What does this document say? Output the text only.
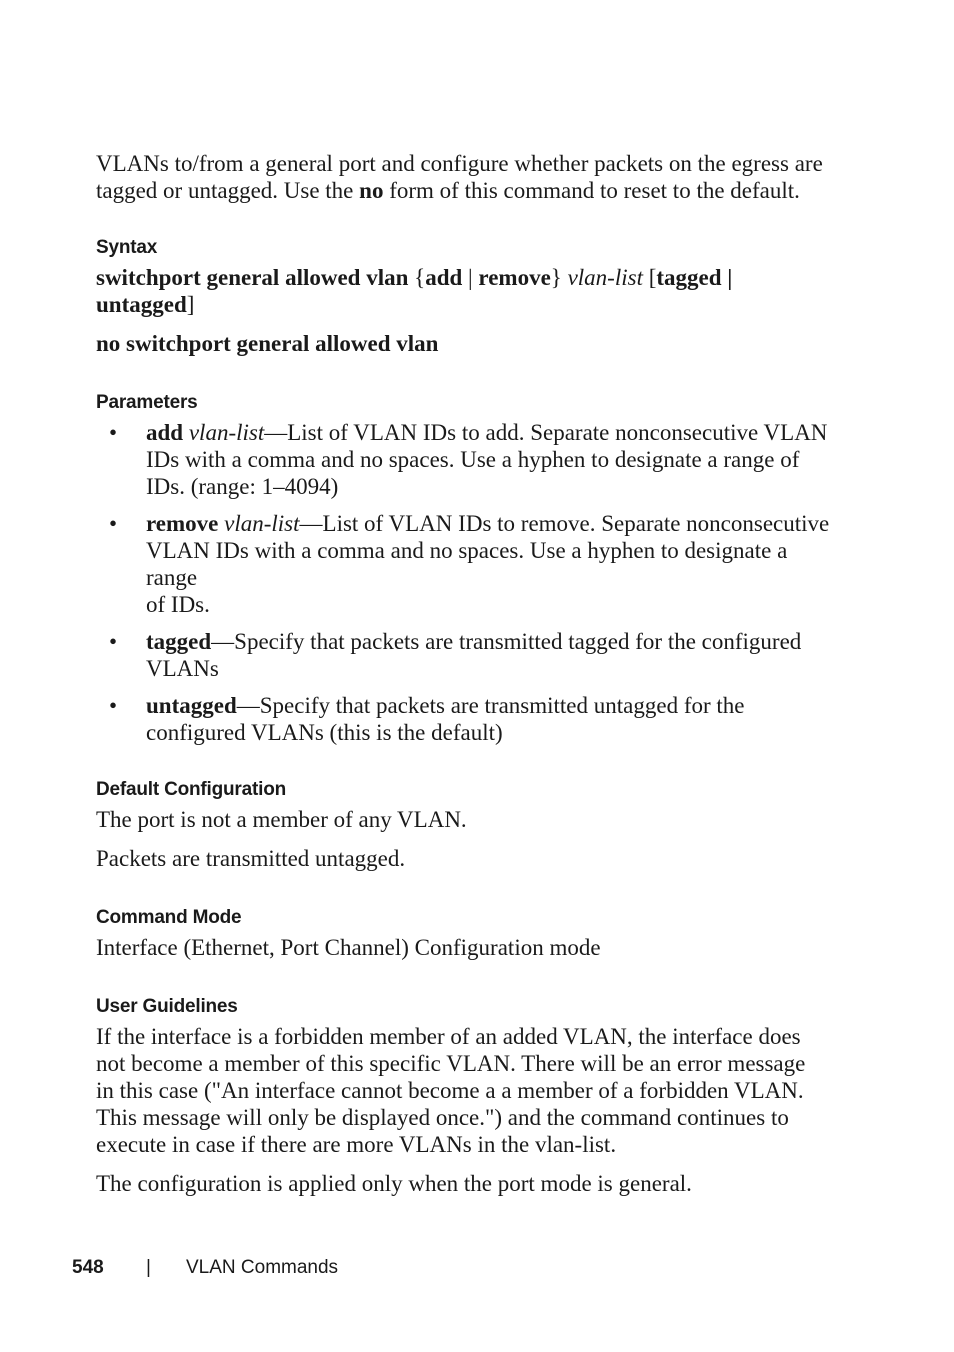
VLANs to/from a general port and configure whether packets on the egress are
tagged or untagged. Use the no form of this command to reset to the default.

Syntax

switchport general allowed vlan {add | remove} vlan-list [tagged |
untagged]

no switchport general allowed vlan

Parameters
• add vlan-list—List of VLAN IDs to add. Separate nonconsecutive VLAN
IDs with a comma and no spaces. Use a hyphen to designate a range of
IDs. (range: 1–4094)
• remove vlan-list—List of VLAN IDs to remove. Separate nonconsecutive
VLAN IDs with a comma and no spaces. Use a hyphen to designate a range
of IDs.
• tagged—Specify that packets are transmitted tagged for the configured
VLANs
• untagged—Specify that packets are transmitted untagged for the
configured VLANs (this is the default)
Default Configuration

The port is not a member of any VLAN.

Packets are transmitted untagged.

Command Mode

Interface (Ethernet, Port Channel) Configuration mode

User Guidelines

If the interface is a forbidden member of an added VLAN, the interface does
not become a member of this specific VLAN. There will be an error message
in this case ("An interface cannot become a a member of a forbidden VLAN.
This message will only be displayed once.") and the command continues to
execute in case if there are more VLANs in the vlan-list.

The configuration is applied only when the port mode is general.

548 | VLAN Commands
